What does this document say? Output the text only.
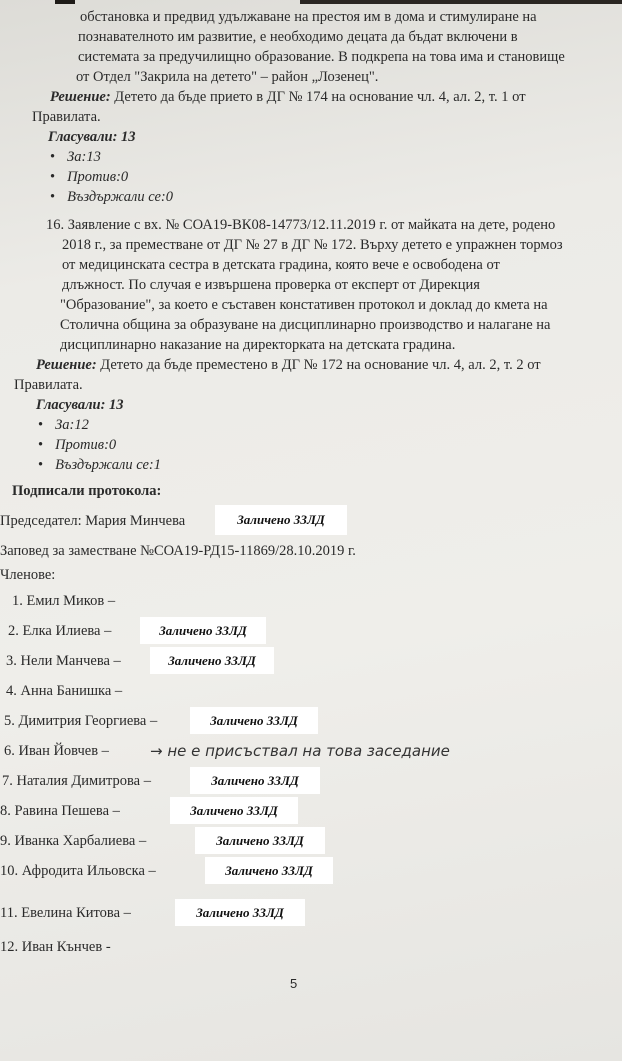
обстановка и предвид удължаване на престоя им в дома и стимулиране на
познавателното им развитие, е необходимо децата да бъдат включени в
системата за предучилищно образование. В подкрепа на това има и становище
от Отдел "Закрила на детето" – район „Лозенец".
Решение: Детето да бъде прието в ДГ № 174 на основание чл. 4, ал. 2, т. 1 от
Правилата.
Гласували: 13
• За:13
• Против:0
• Въздържали се:0
16. Заявление с вх. № СОА19-ВК08-14773/12.11.2019 г. от майката на дете, родено
2018 г., за преместване от ДГ № 27 в ДГ № 172. Върху детето е упражнен тормоз
от медицинската сестра в детската градина, която вече е освободена от
длъжност. По случая е извършена проверка от експерт от Дирекция
"Образование", за което е съставен констативен протокол и доклад до кмета на
Столична община за образуване на дисциплинарно производство и налагане на
дисциплинарно наказание на директорката на детската градина.
Решение: Детето да бъде преместено в ДГ № 172 на основание чл. 4, ал. 2, т. 2 от
Правилата.
Гласували: 13
• За:12
• Против:0
• Въздържали се:1
Подписали протокола:
Председател: Мария Минчева	Заличено ЗЗЛД
Заповед за заместване №СОА19-РД15-11869/28.10.2019 г.
Членове:
1. Емил Миков –
2. Елка Илиева –	Заличено ЗЗЛД
3. Нели Манчева –	Заличено ЗЗЛД
4. Анна Банишка –
5. Димитрия Георгиева –	Заличено ЗЗЛД
6. Иван Йовчев –	→ не е присъствал на това заседание
7. Наталия Димитрова –	Заличено ЗЗЛД
8. Равина Пешева –	Заличено ЗЗЛД
9. Иванка Харбалиева –	Заличено ЗЗЛД
10. Афродита Ильовска –	Заличено ЗЗЛД
11. Евелина Китова –	Заличено ЗЗЛД
12. Иван Кънчев -
5
